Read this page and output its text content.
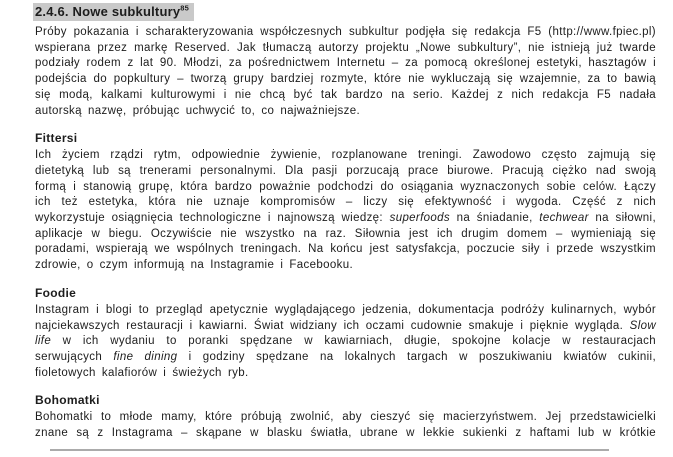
2.4.6. Nowe subkultury$^{85}$

Próby pokazania i scharakteryzowania współczesnych subkultur podjęła się redakcja F5 (http://www.fpiec.pl) wspierana przez markę Reserved. Jak tłumaczą autorzy projektu „Nowe subkultury”, nie istnieją już twarde podziały rodem z lat 90. Młodzi, za pośrednictwem Internetu – za pomocą określonej estetyki, hasztagów i podejścia do popkultury – tworzą grupy bardziej rozmyte, które nie wykluczają się wzajemnie, za to bawią się modą, kalkami kulturowymi i nie chcą być tak bardzo na serio. Każdej z nich redakcja F5 nadała autorską nazwę, próbując uchwycić to, co najważniejsze.

Fittersi

Ich życiem rządzi rytm, odpowiednie żywienie, rozplanowane treningi. Zawodowo często zajmują się dietetyką lub są trenerami personalnymi. Dla pasji porzucają prace biurowe. Pracują ciężko nad swoją formą i stanowią grupę, która bardzo poważnie podchodzi do osiągania wyznaczonych sobie celów. Łączy ich też estetyka, która nie uznaje kompromisów – liczy się efektywność i wygoda. Część z nich wykorzystuje osiągnięcia technologiczne i najnowszą wiedzę: superfoods na śniadanie, techwear na siłowni, aplikacje w biegu. Oczywiście nie wszystko na raz. Siłownia jest ich drugim domem – wymieniają się poradami, wspierają we wspólnych treningach. Na końcu jest satysfakcja, poczucie siły i przede wszystkim zdrowie, o czym informują na Instagramie i Facebooku.

Foodie

Instagram i blogi to przegląd apetycznie wyglądającego jedzenia, dokumentacja podróży kulinarnych, wybór najciekawszych restauracji i kawiarni. Świat widziany ich oczami cudownie smakuje i pięknie wygląda. Slow life w ich wydaniu to poranki spędzane w kawiarniach, długie, spokojne kolacje w restauracjach serwujących fine dining i godziny spędzane na lokalnych targach w poszukiwaniu kwiatów cukinii, fioletowych kalafiorów i świeżych ryb.

Bohomatki

Bohomatki to młode mamy, które próbują zwolnić, aby cieszyć się macierzyństwem. Jej przedstawicielki znane są z Instagrama – skąpane w blasku światła, ubrane w lekkie sukienki z haftami lub w krótkie
